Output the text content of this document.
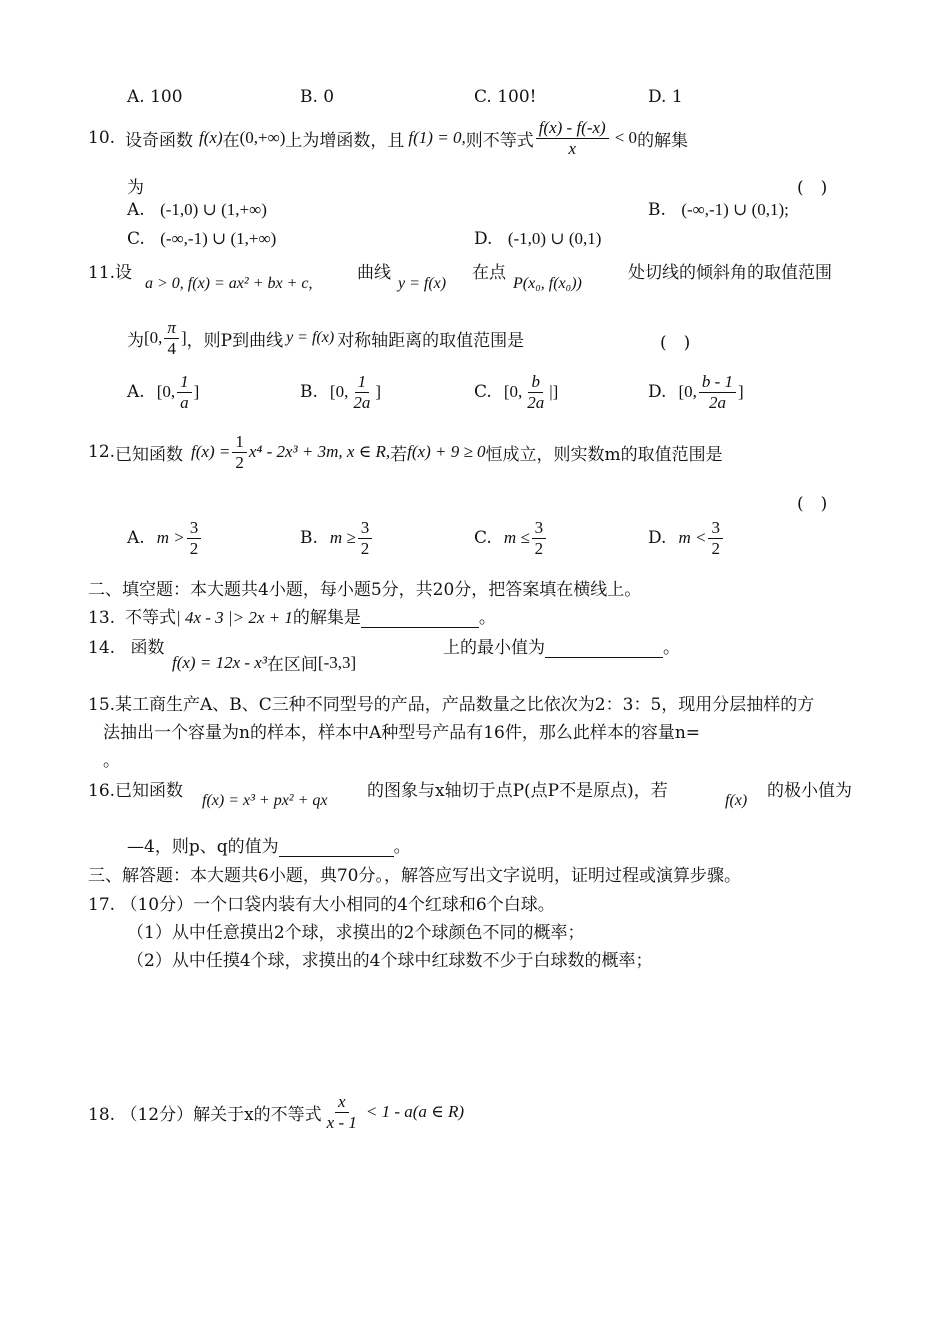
A. 100	B. 0	C. 100!	D. 1
10. 设奇函数 f(x) 在 (0,+∞) 上为增函数，且 f(1) = 0, 则不等式 $\frac{f(x) - f(-x)}{x} < 0$ 的解集
为	(　)
A. (-1,0) ∪ (1,+∞)	B. (-∞,-1) ∪ (0,1);
C. (-∞,-1) ∪ (1,+∞)	D. (-1,0) ∪ (0,1)
11.设
a > 0, f(x) = ax² + bx + c,
曲线
y = f(x)
在点
P(x₀, f(x₀))
处切线的倾斜角的取值范围
为 [0, $\frac{\pi}{4}$ ] ，则P到曲线 y = f(x) 对称轴距离的取值范围是	(　)
A. [0, $\frac{1}{a}$ ]	B. [0, $\frac{1}{2a}$ ]	C. [0, $\frac{b}{2a}$ |]	D. [0, $\frac{b - 1}{2a}$ ]
12. 已知函数 $f(x) = \frac{1}{2} x^4 - 2x^3 + 3m$, x ∈ R, 若 f(x) + 9 ≥ 0 恒成立，则实数m的取值范围是
(　)
A. $m > \frac{3}{2}$	B. $m \ge \frac{3}{2}$	C. $m \le \frac{3}{2}$	D. $m < \frac{3}{2}$
二、填空题：本大题共4小题，每小题5分，共20分，把答案填在横线上。
13. 不等式 | 4x - 3 |> 2x + 1 的解集是	。
14. 函数
f(x) = 12x - x³ 在区间 [-3,3]
上的最小值为	。
15.某工商生产A、B、C三种不同型号的产品，产品数量之比依次为2：3：5，现用分层抽样的方
法抽出一个容量为n的样本，样本中A种型号产品有16件，那么此样本的容量n=
。
16.已知函数 f(x) = x³ + px² + qx 的图象与x轴切于点P(点P不是原点)，若	f(x) 的极小值为
—4，则p、q的值为	。
三、解答题：本大题共6小题，典70分。，解答应写出文字说明，证明过程或演算步骤。
17. （10分）一个口袋内装有大小相同的4个红球和6个白球。
（1）从中任意摸出2个球，求摸出的2个球颜色不同的概率；
（2）从中任摸4个球，求摸出的4个球中红球数不少于白球数的概率；
18. （12分）解关于x的不等式 $\frac{x}{x - 1} < 1 - a(a$ ∈ R)
